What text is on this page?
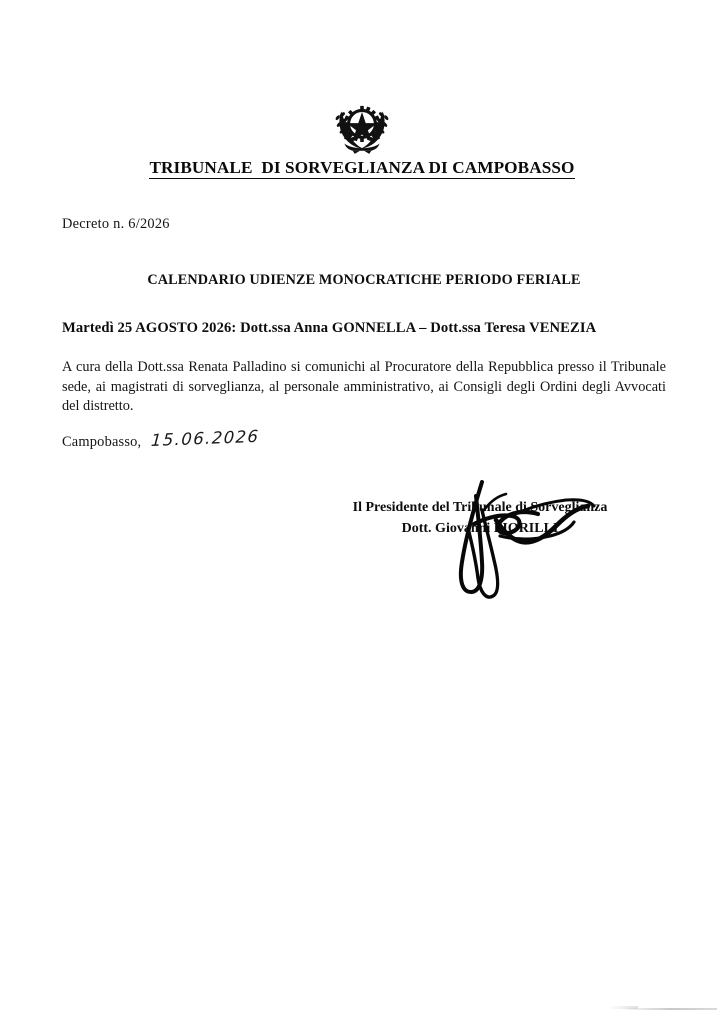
TRIBUNALE  DI SORVEGLIANZA DI CAMPOBASSO
Decreto n. 6/2026
CALENDARIO UDIENZE MONOCRATICHE PERIODO FERIALE
Martedì 25 AGOSTO 2026: Dott.ssa Anna GONNELLA – Dott.ssa Teresa VENEZIA
A cura della Dott.ssa Renata Palladino si comunichi al Procuratore della Repubblica presso il Tribunale sede, ai magistrati di sorveglianza, al personale amministrativo, ai Consigli degli Ordini degli Avvocati del distretto.
Campobasso, 15.06.2026
Il Presidente del Tribunale di Sorveglianza
Dott. Giovanni FIORILLI
